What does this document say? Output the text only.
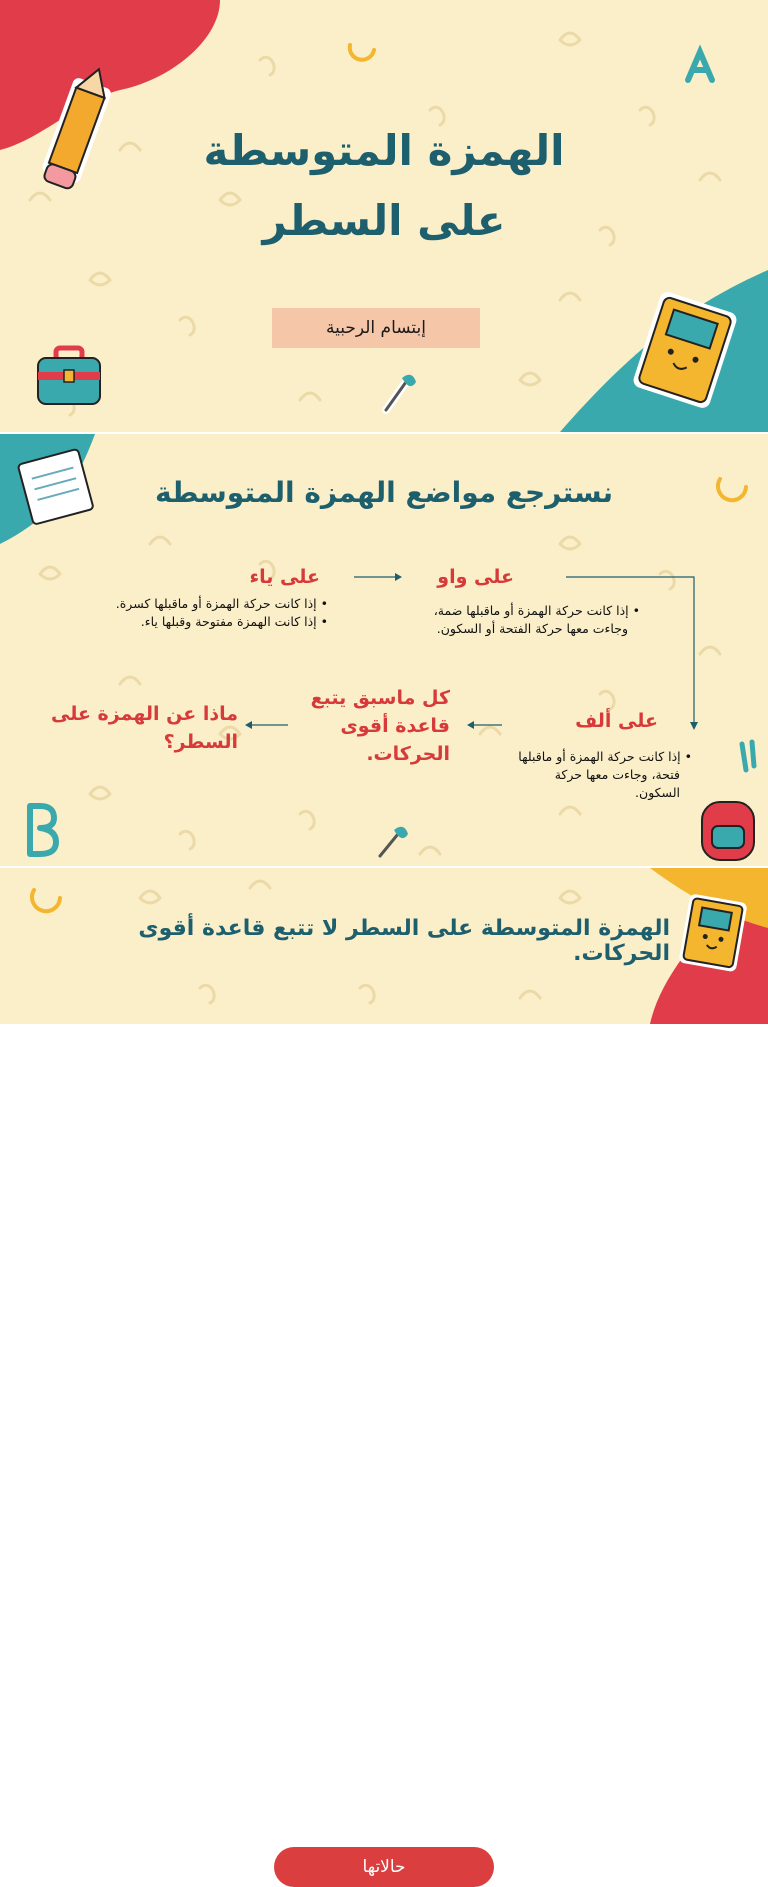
الهمزة المتوسطة
على السطر
إبتسام الرحبية
نسترجع مواضع الهمزة المتوسطة
على ياء
• إذا كانت حركة الهمزة أو ماقبلها كسرة.
• إذا كانت الهمزة مفتوحة وقبلها ياء.
على واو
• إذا كانت حركة الهمزة أو ماقبلها ضمة،
وجاءت معها حركة الفتحة أو السكون.
على ألف
• إذا كانت حركة الهمزة أو ماقبلها
فتحة، وجاءت معها حركة
السكون.
كل ماسبق يتبع
قاعدة أقوى
الحركات.
ماذا عن الهمزة على
السطر؟
الهمزة المتوسطة على السطر لا تتبع قاعدة أقوى الحركات.
حالاتها
